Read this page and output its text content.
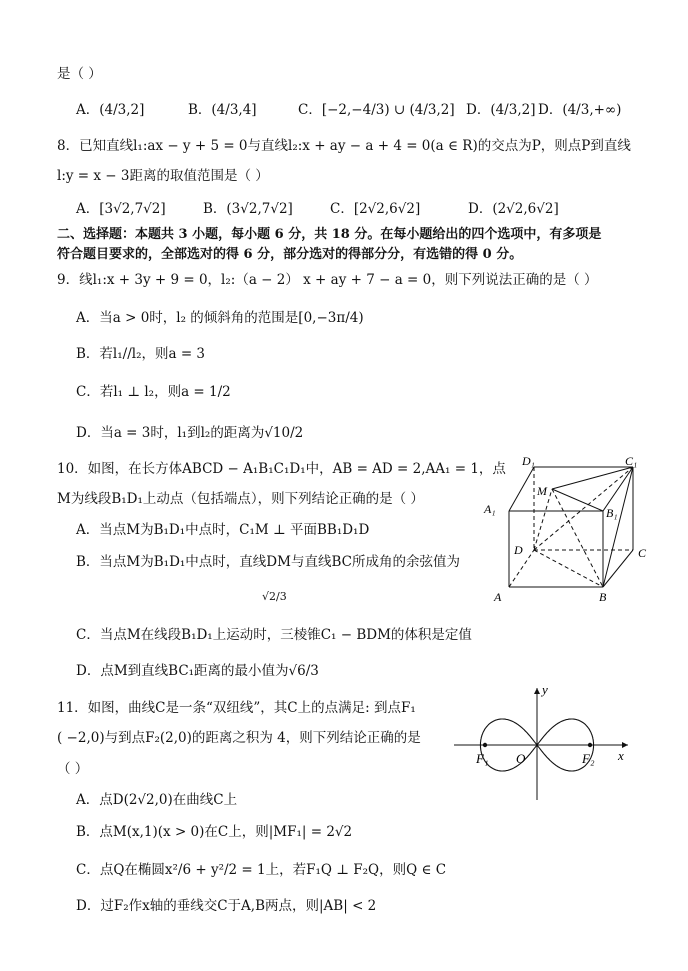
是（ ）
A．(4/3,2]	B．(4/3,4]	C．[−2,−4/3) ∪ (4/3,2] D．(4/3,2] D．(4/3,+∞)
8．已知直线l₁:ax − y + 5 = 0与直线l₂:x + ay − a + 4 = 0(a ∈ R)的交点为P，则点P到直线
l:y = x − 3距离的取值范围是（ ）
A．[3√2,7√2]	B．(3√2,7√2]	C．[2√2,6√2]	D．(2√2,6√2]
二、选择题：本题共 3 小题，每小题 6 分，共 18 分。在每小题给出的四个选项中，有多项是
符合题目要求的，全部选对的得 6 分，部分选对的得部分分，有选错的得 0 分。
9．线l₁:x + 3y + 9 = 0，l₂:（a − 2） x + ay + 7 − a = 0，则下列说法正确的是（ ）
A．当a > 0时，l₂ 的倾斜角的范围是[0,−3π/4)
B．若l₁//l₂，则a = 3
C．若l₁ ⊥ l₂，则a = 1/2
D．当a = 3时，l₁到l₂的距离为√10/2
10．如图，在长方体ABCD − A₁B₁C₁D₁中，AB = AD = 2,AA₁ = 1，点
M为线段B₁D₁上动点（包括端点），则下列结论正确的是（ ）
A．当点M为B₁D₁中点时，C₁M ⊥ 平面BB₁D₁D
B．当点M为B₁D₁中点时，直线DM与直线BC所成角的余弦值为
√2/3
C．当点M在线段B₁D₁上运动时，三棱锥C₁ − BDM的体积是定值
D．点M到直线BC₁距离的最小值为√6/3
D₁	C₁
M
A₁	B₁
D	C
A	B
11．如图，曲线C是一条“双纽线”，其C上的点满足: 到点F₁
( −2,0)与到点F₂(2,0)的距离之积为 4，则下列结论正确的是
（ ）
A．点D(2√2,0)在曲线C上
B．点M(x,1)(x > 0)在C上，则|MF₁| = 2√2
C．点Q在椭圆x²/6 + y²/2 = 1上，若F₁Q ⊥ F₂Q，则Q ∈ C
D．过F₂作x轴的垂线交C于A,B两点，则|AB| < 2
y
x
O
F₁	F₂
